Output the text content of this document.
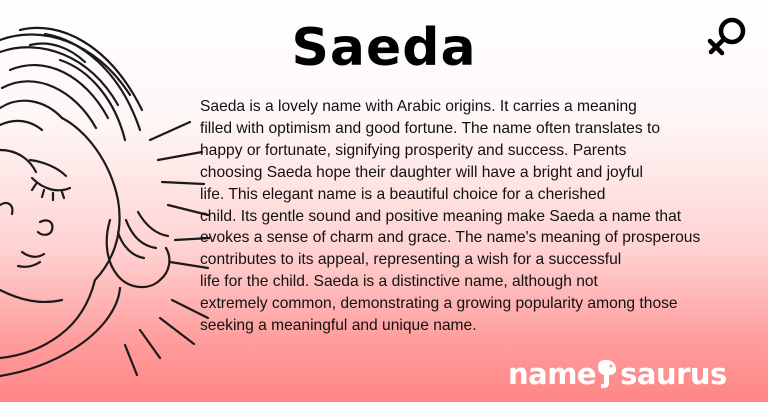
Saeda
Saeda is a lovely name with Arabic origins. It carries a meaning
filled with optimism and good fortune. The name often translates to
happy or fortunate, signifying prosperity and success. Parents
choosing Saeda hope their daughter will have a bright and joyful
life. This elegant name is a beautiful choice for a cherished
child. Its gentle sound and positive meaning make Saeda a name that
evokes a sense of charm and grace. The name's meaning of prosperous
contributes to its appeal, representing a wish for a successful
life for the child. Saeda is a distinctive name, although not
extremely common, demonstrating a growing popularity among those
seeking a meaningful and unique name.
name saurus
